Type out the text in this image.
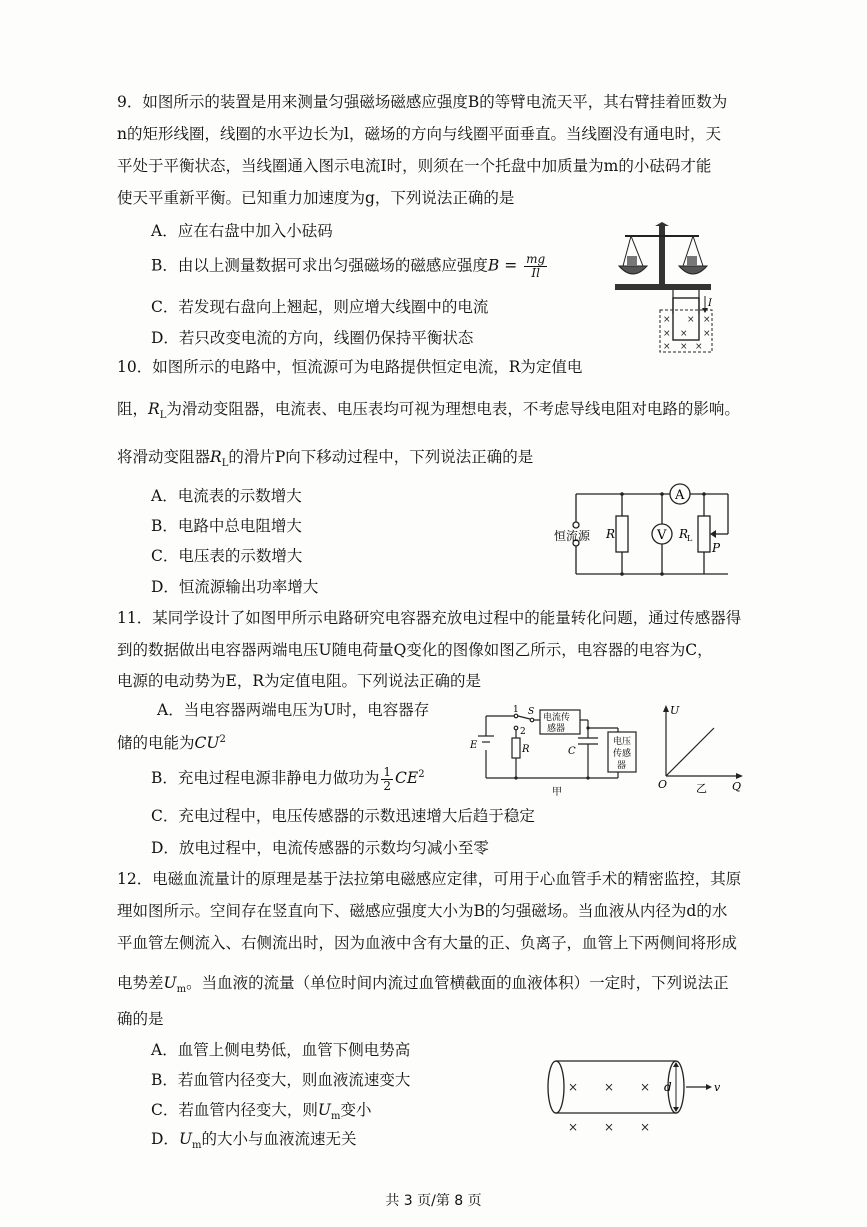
9．如图所示的装置是用来测量匀强磁场磁感应强度B的等臂电流天平，其右臂挂着匝数为
n的矩形线圈，线圈的水平边长为l，磁场的方向与线圈平面垂直。当线圈没有通电时，天
平处于平衡状态，当线圈通入图示电流I时，则须在一个托盘中加质量为m的小砝码才能
使天平重新平衡。已知重力加速度为g，下列说法正确的是
A．应在右盘中加入小砝码
B．由以上测量数据可求出匀强磁场的磁感应强度$B = \frac{mg}{Il}$
C．若发现右盘向上翘起，则应增大线圈中的电流
D．若只改变电流的方向，线圈仍保持平衡状态
I
× × ×
× × ×
× × ×
10．如图所示的电路中，恒流源可为电路提供恒定电流，R为定值电
阻，$R_L$为滑动变阻器，电流表、电压表均可视为理想电表，不考虑导线电阻对电路的影响。
将滑动变阻器$R_L$的滑片P向下移动过程中，下列说法正确的是
A．电流表的示数增大
B．电路中总电阻增大
C．电压表的示数增大
D．恒流源输出功率增大
A
V
恒流源 R	R
L
P
11．某同学设计了如图甲所示电路研究电容器充放电过程中的能量转化问题，通过传感器得
到的数据做出电容器两端电压U随电荷量Q变化的图像如图乙所示，电容器的电容为C，
电源的电动势为E，R为定值电阻。下列说法正确的是
A．当电容器两端电压为U时，电容器存
储的电能为$CU^2$
B．充电过程电源非静电力做功为 $\frac{1}{2} CE^2$
C．充电过程中，电压传感器的示数迅速增大后趋于稳定
D．放电过程中，电流传感器的示数均匀减小至零
1
2
S
电流传
感器
电压
传感
器
E	R	C
甲
U
Q
O	乙
12．电磁血流量计的原理是基于法拉第电磁感应定律，可用于心血管手术的精密监控，其原
理如图所示。空间存在竖直向下、磁感应强度大小为B的匀强磁场。当血液从内径为d的水
平血管左侧流入、右侧流出时，因为血液中含有大量的正、负离子，血管上下两侧间将形成
电势差$U_m$。当血液的流量（单位时间内流过血管横截面的血液体积）一定时，下列说法正
确的是
A．血管上侧电势低，血管下侧电势高
B．若血管内径变大，则血液流速变大
C．若血管内径变大，则$U_m$变小
D．$U_m$的大小与血液流速无关
d	v
× × ×
× × ×
共 3 页/第 8 页
